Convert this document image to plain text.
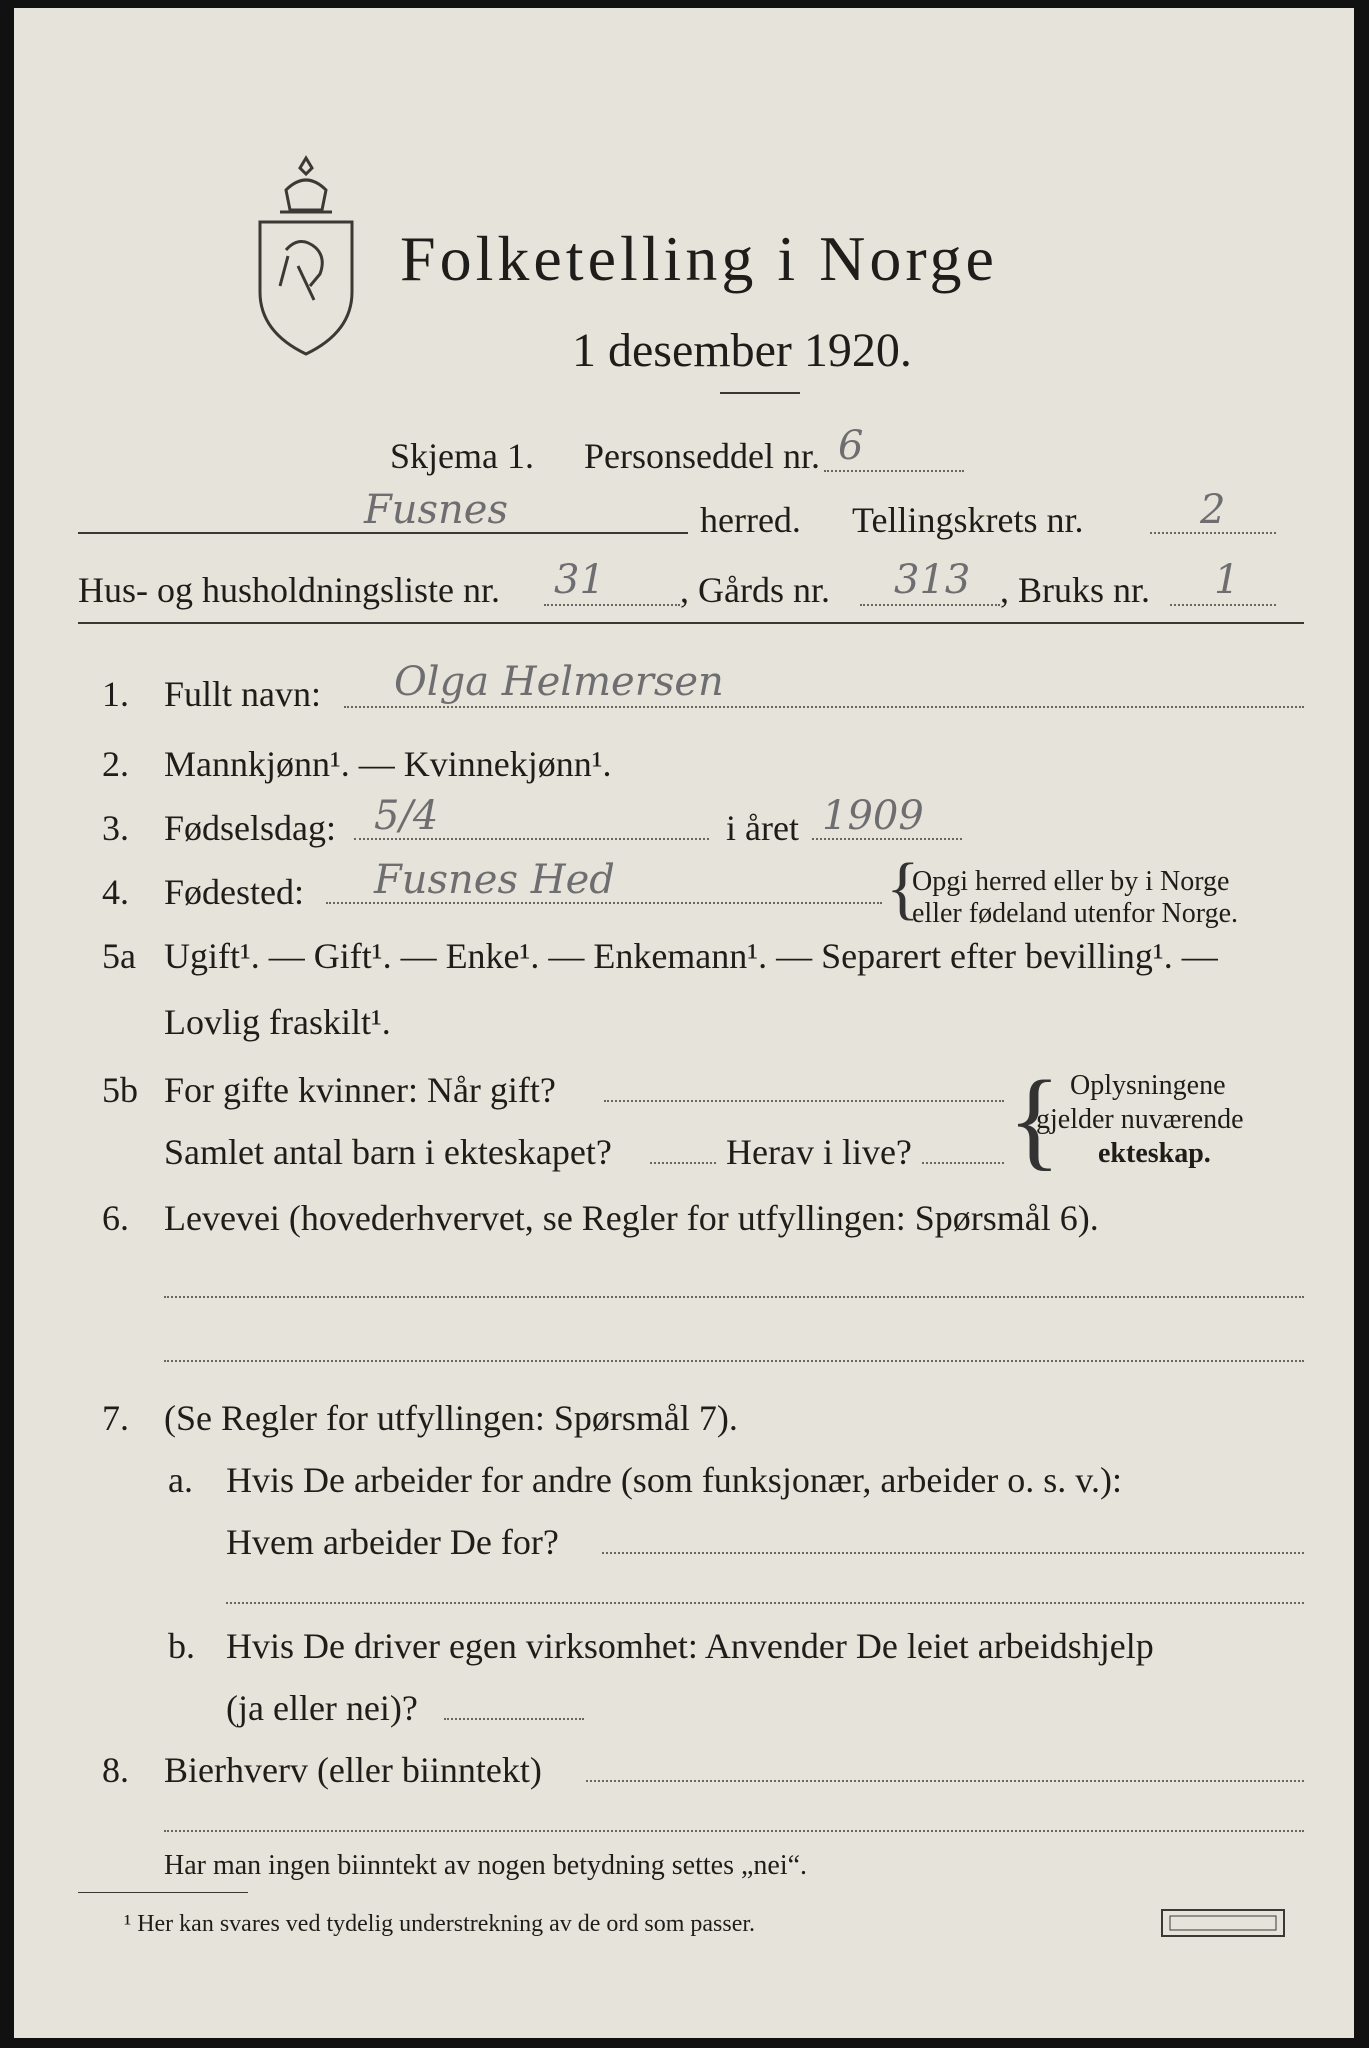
Folketelling i Norge
1 desember 1920.
Skjema 1. Personseddel nr. 6
Fusnes	herred. Tellingskrets nr.	2
Hus- og husholdningsliste nr. 31 , Gårds nr. 313 , Bruks nr. 1
1. Fullt navn: Olga Helmersen
2. Mannkjønn¹. — Kvinnekjønn¹.
3. Fødselsdag: 5/4	i året 1909
4. Fødested: Fusnes Hed	{
Opgi herred eller by i Norge
eller fødeland utenfor Norge.
5a Ugift¹. — Gift¹. — Enke¹. — Enkemann¹. — Separert efter bevilling¹. —
Lovlig fraskilt¹.
5b For gifte kvinner: Når gift?
Samlet antal barn i ekteskapet?	Herav i live? { Oplysningene
gjelder nuværende
ekteskap.
6. Levevei (hovederhvervet, se Regler for utfyllingen: Spørsmål 6).
7. (Se Regler for utfyllingen: Spørsmål 7).
a. Hvis De arbeider for andre (som funksjonær, arbeider o. s. v.):
Hvem arbeider De for?
b. Hvis De driver egen virksomhet: Anvender De leiet arbeidshjelp
(ja eller nei)?
8. Bierhverv (eller biinntekt)
Har man ingen biinntekt av nogen betydning settes „nei“.
¹ Her kan svares ved tydelig understrekning av de ord som passer.
